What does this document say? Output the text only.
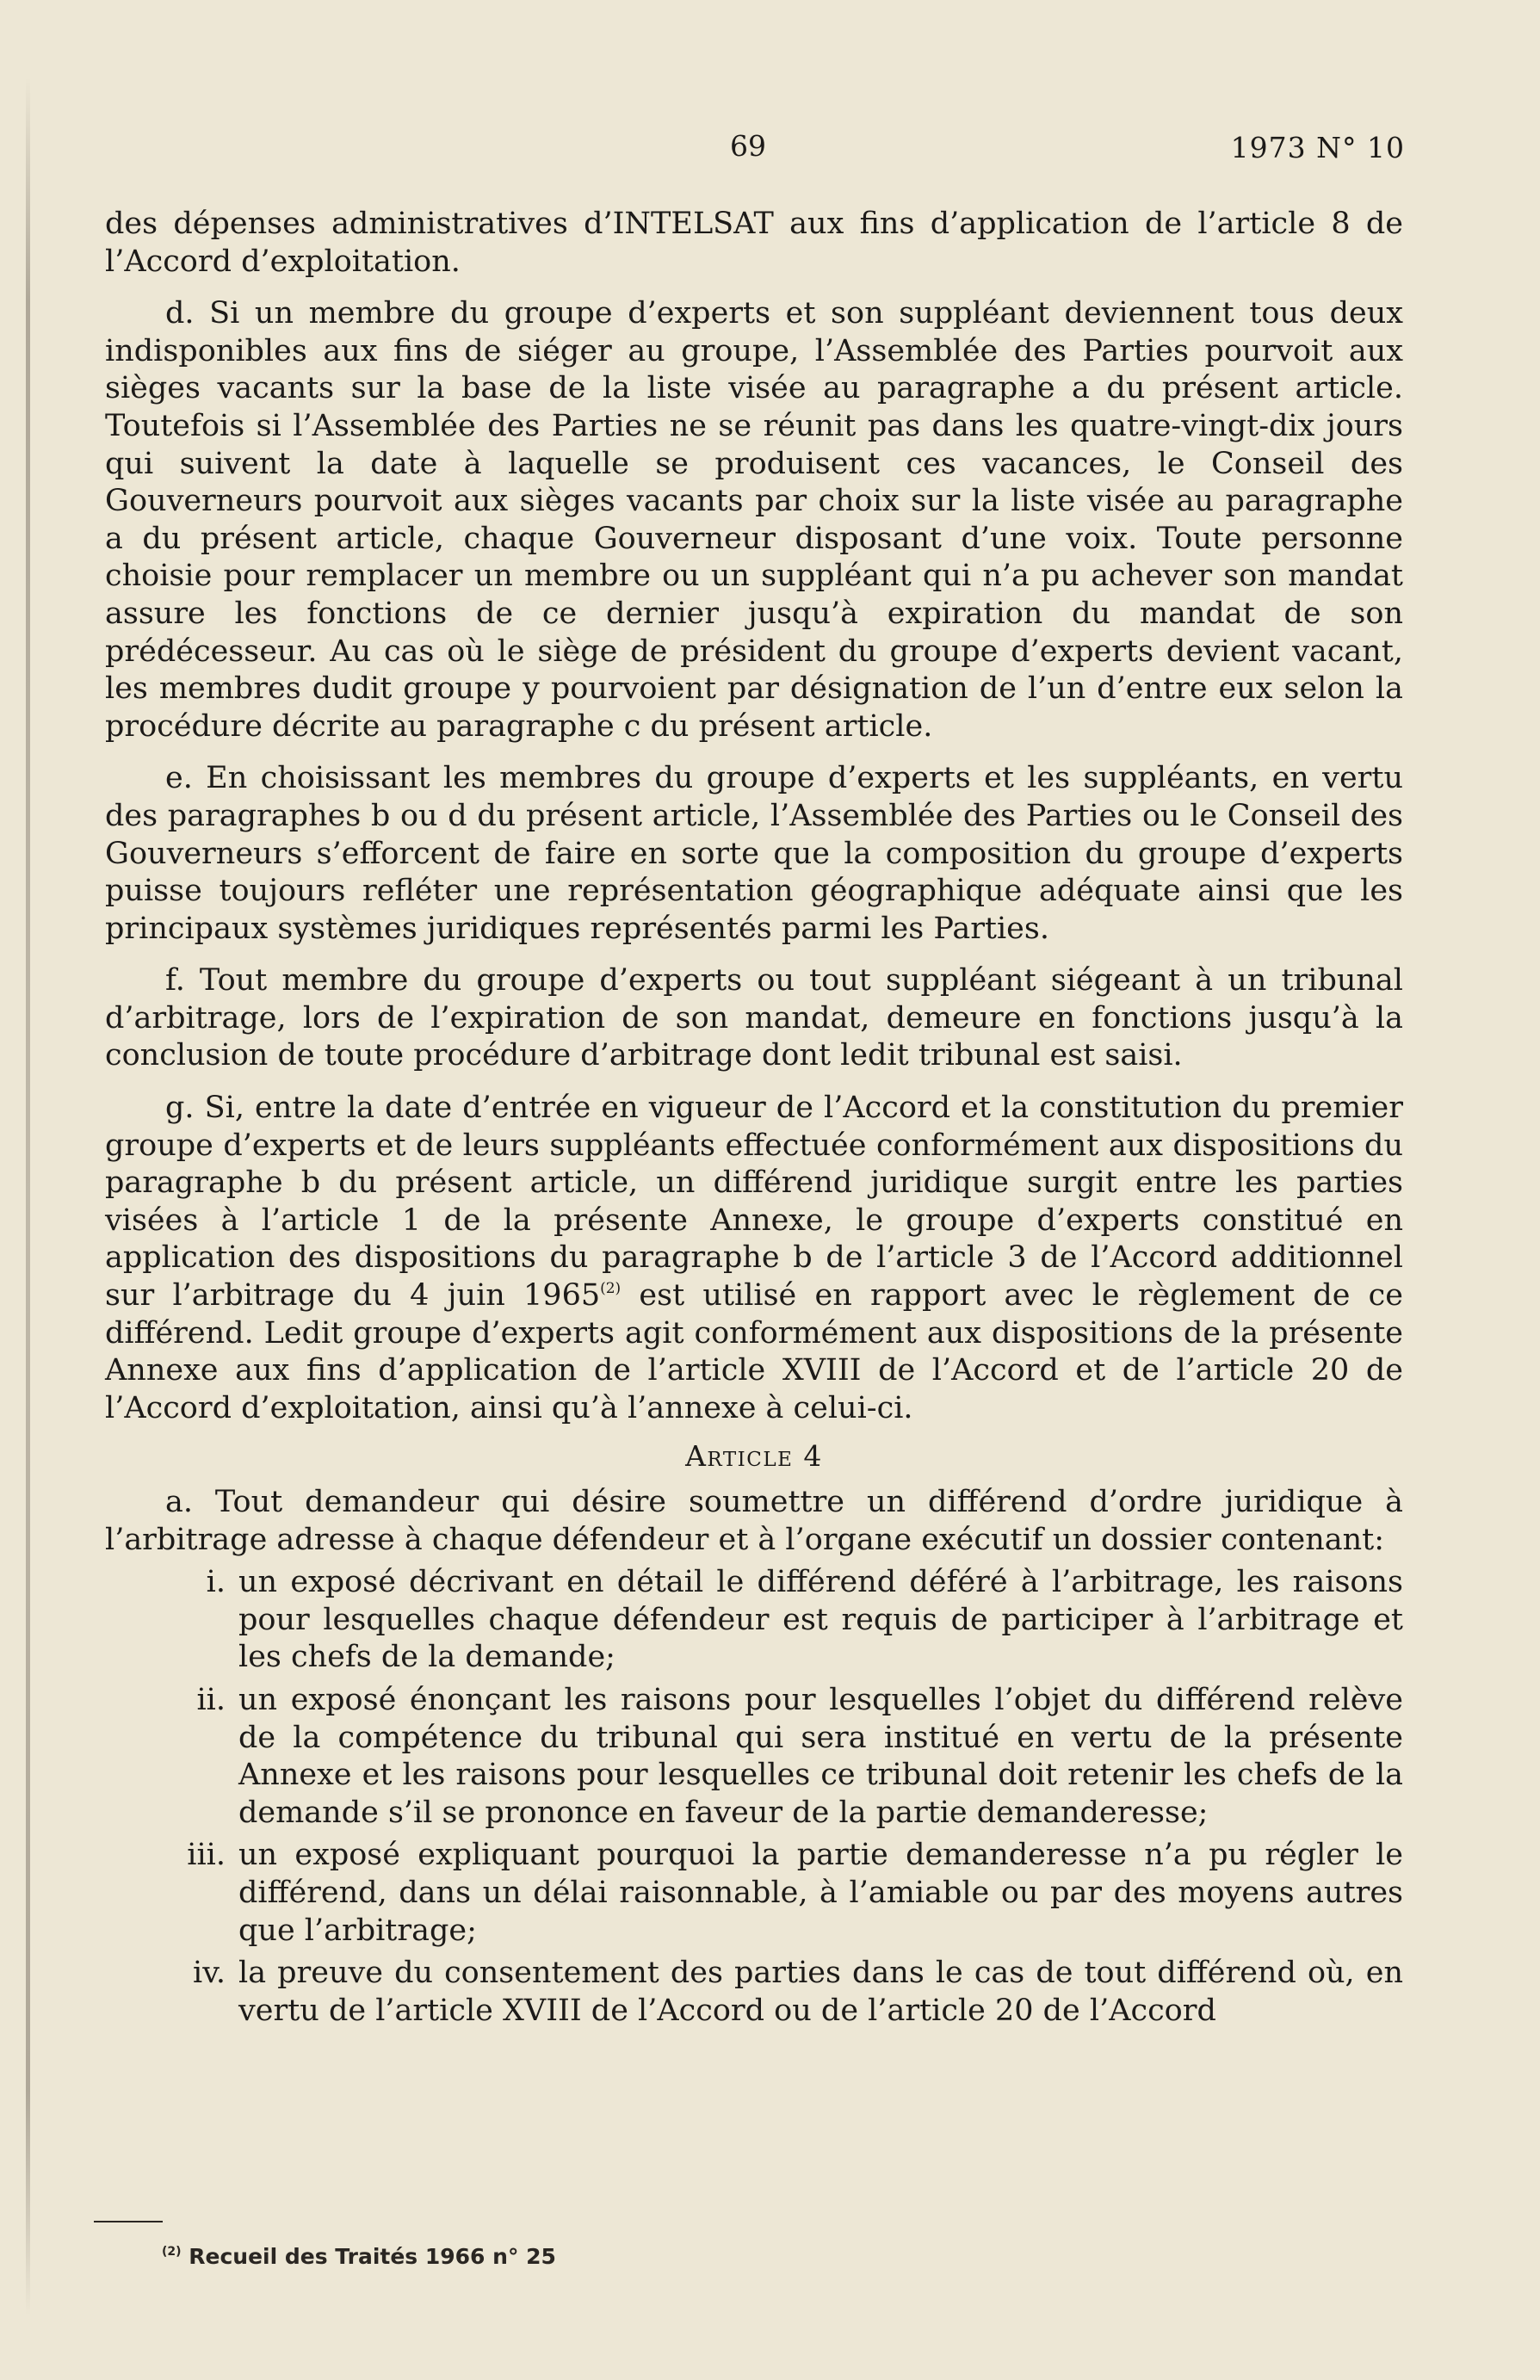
69	1973 N° 10

des dépenses administratives d’INTELSAT aux fins d’application de l’article 8 de l’Accord d’exploitation.

d. Si un membre du groupe d’experts et son suppléant deviennent tous deux indisponibles aux fins de siéger au groupe, l’Assemblée des Parties pourvoit aux sièges vacants sur la base de la liste visée au paragraphe a du présent article. Toutefois si l’Assemblée des Parties ne se réunit pas dans les quatre-vingt-dix jours qui suivent la date à laquelle se produisent ces vacances, le Conseil des Gouverneurs pourvoit aux sièges vacants par choix sur la liste visée au paragraphe a du présent article, chaque Gouverneur disposant d’une voix. Toute personne choisie pour remplacer un membre ou un suppléant qui n’a pu achever son mandat assure les fonctions de ce dernier jusqu’à expiration du mandat de son prédécesseur. Au cas où le siège de président du groupe d’experts devient vacant, les membres dudit groupe y pourvoient par désignation de l’un d’entre eux selon la procédure décrite au paragraphe c du présent article.

e. En choisissant les membres du groupe d’experts et les suppléants, en vertu des paragraphes b ou d du présent article, l’Assemblée des Parties ou le Conseil des Gouverneurs s’efforcent de faire en sorte que la composition du groupe d’experts puisse toujours refléter une représentation géographique adéquate ainsi que les principaux systèmes juridiques représentés parmi les Parties.

f. Tout membre du groupe d’experts ou tout suppléant siégeant à un tribunal d’arbitrage, lors de l’expiration de son mandat, demeure en fonctions jusqu’à la conclusion de toute procédure d’arbitrage dont ledit tribunal est saisi.

g. Si, entre la date d’entrée en vigueur de l’Accord et la constitution du premier groupe d’experts et de leurs suppléants effectuée conformément aux dispositions du paragraphe b du présent article, un différend juridique surgit entre les parties visées à l’article 1 de la présente Annexe, le groupe d’experts constitué en application des dispositions du paragraphe b de l’article 3 de l’Accord additionnel sur l’arbitrage du 4 juin 1965$^{(2)}$ est utilisé en rapport avec le règlement de ce différend. Ledit groupe d’experts agit conformément aux dispositions de la présente Annexe aux fins d’application de l’article XVIII de l’Accord et de l’article 20 de l’Accord d’exploitation, ainsi qu’à l’annexe à celui-ci.

Article 4

a. Tout demandeur qui désire soumettre un différend d’ordre juridique à l’arbitrage adresse à chaque défendeur et à l’organe exécutif un dossier contenant:

i. un exposé décrivant en détail le différend déféré à l’arbitrage, les raisons pour lesquelles chaque défendeur est requis de participer à l’arbitrage et les chefs de la demande;
ii. un exposé énonçant les raisons pour lesquelles l’objet du différend relève de la compétence du tribunal qui sera institué en vertu de la présente Annexe et les raisons pour lesquelles ce tribunal doit retenir les chefs de la demande s’il se prononce en faveur de la partie demanderesse;
iii. un exposé expliquant pourquoi la partie demanderesse n’a pu régler le différend, dans un délai raisonnable, à l’amiable ou par des moyens autres que l’arbitrage;
iv. la preuve du consentement des parties dans le cas de tout différend où, en vertu de l’article XVIII de l’Accord ou de l’article 20 de l’Accord
$^{(2)}$ Recueil des Traités 1966 n° 25
